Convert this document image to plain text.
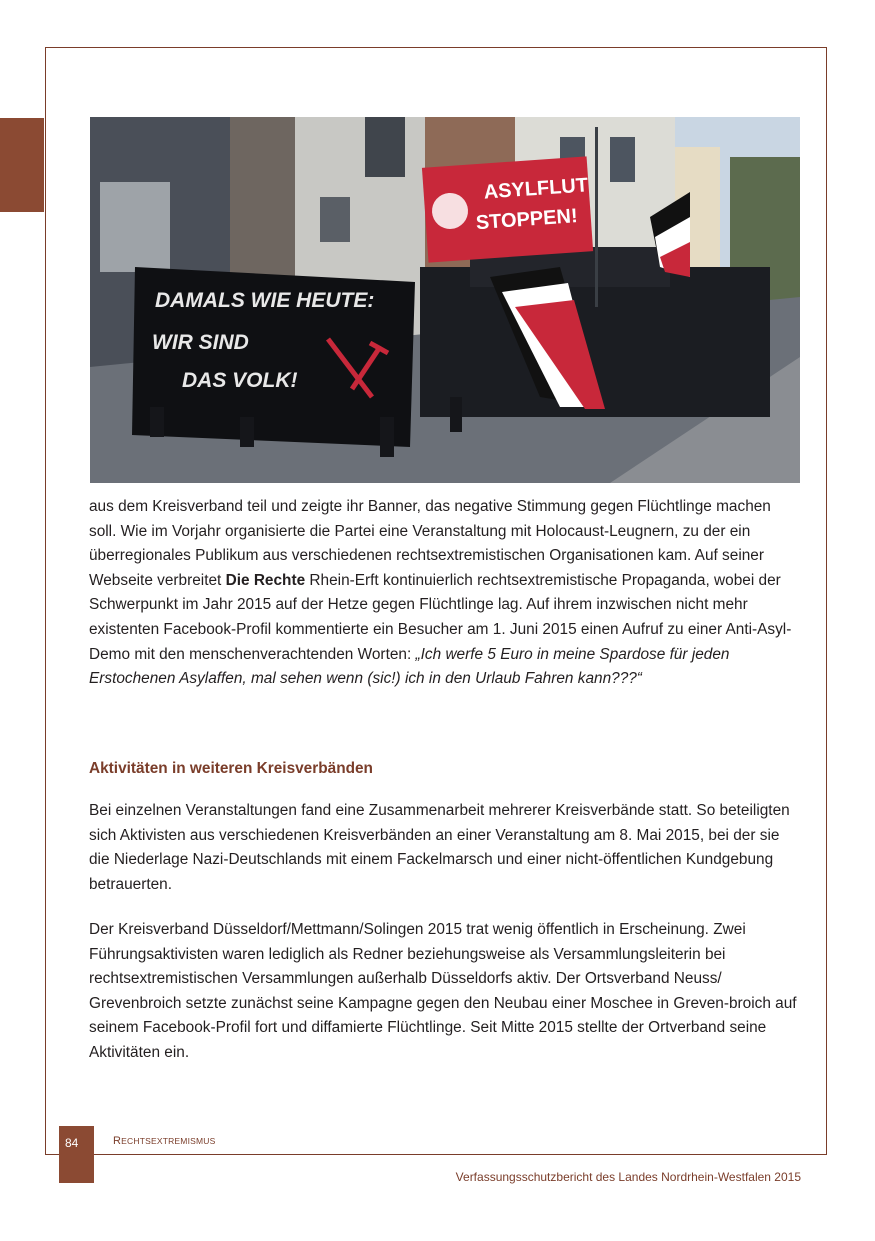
ASYLFLUT
STOPPEN!
DAMALS WIE HEUTE:
WIR SIND
DAS VOLK!

aus dem Kreisverband teil und zeigte ihr Banner, das negative Stimmung gegen Flüchtlinge machen soll. Wie im Vorjahr organisierte die Partei eine Veranstaltung mit Holocaust-Leugnern, zu der ein überregionales Publikum aus verschiedenen rechtsextremistischen Organisationen kam. Auf seiner Webseite verbreitet Die Rechte Rhein-Erft kontinuierlich rechtsextremistische Propaganda, wobei der Schwerpunkt im Jahr 2015 auf der Hetze gegen Flüchtlinge lag. Auf ihrem inzwischen nicht mehr existenten Facebook-Profil kommentierte ein Besucher am 1. Juni 2015 einen Aufruf zu einer Anti-Asyl-Demo mit den menschenverachtenden Worten: „Ich werfe 5 Euro in meine Spardose für jeden Erstochenen Asylaffen, mal sehen wenn (sic!) ich in den Urlaub Fahren kann???“

Aktivitäten in weiteren Kreisverbänden

Bei einzelnen Veranstaltungen fand eine Zusammenarbeit mehrerer Kreisverbände statt. So beteiligten sich Aktivisten aus verschiedenen Kreisverbänden an einer Veranstaltung am 8. Mai 2015, bei der sie die Niederlage Nazi-Deutschlands mit einem Fackelmarsch und einer nicht-öffentlichen Kundgebung betrauerten.

Der Kreisverband Düsseldorf/Mettmann/Solingen 2015 trat wenig öffentlich in Erscheinung. Zwei Führungsaktivisten waren lediglich als Redner beziehungsweise als Versammlungsleiterin bei rechtsextremistischen Versammlungen außerhalb Düsseldorfs aktiv. Der Ortsverband Neuss/ Grevenbroich setzte zunächst seine Kampagne gegen den Neubau einer Moschee in Greven-broich auf seinem Facebook-Profil fort und diffamierte Flüchtlinge. Seit Mitte 2015 stellte der Ortverband seine Aktivitäten ein.

84	RECHTSEXTREMISMUS
Verfassungsschutzbericht des Landes Nordrhein-Westfalen 2015
